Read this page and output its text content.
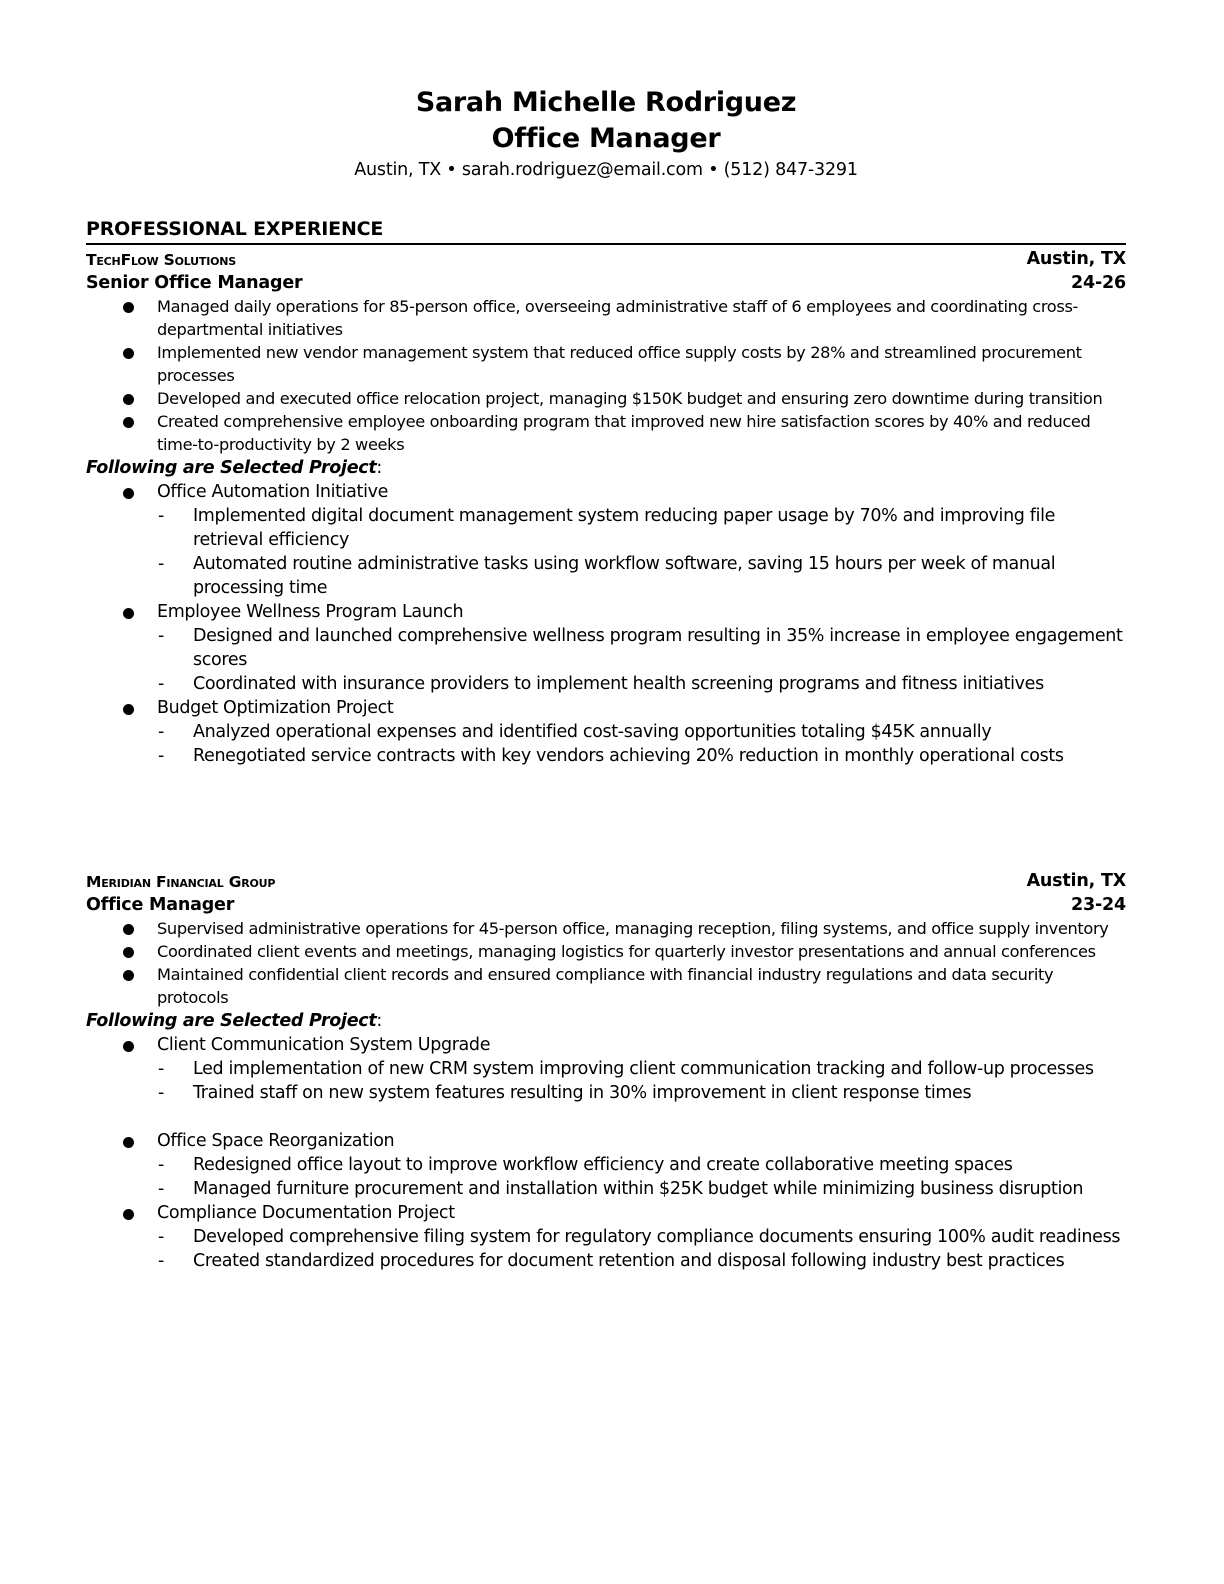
Sarah Michelle Rodriguez
Office Manager
Austin, TX • sarah.rodriguez@email.com • (512) 847-3291
PROFESSIONAL EXPERIENCE
TechFlow Solutions	Austin, TX
Senior Office Manager	24-26
Managed daily operations for 85-person office, overseeing administrative staff of 6 employees and coordinating cross-departmental initiatives
Implemented new vendor management system that reduced office supply costs by 28% and streamlined procurement processes
Developed and executed office relocation project, managing $150K budget and ensuring zero downtime during transition
Created comprehensive employee onboarding program that improved new hire satisfaction scores by 40% and reduced time-to-productivity by 2 weeks
Following are Selected Project:
Office Automation Initiative
- Implemented digital document management system reducing paper usage by 70% and improving file retrieval efficiency
- Automated routine administrative tasks using workflow software, saving 15 hours per week of manual processing time
Employee Wellness Program Launch
- Designed and launched comprehensive wellness program resulting in 35% increase in employee engagement scores
- Coordinated with insurance providers to implement health screening programs and fitness initiatives
Budget Optimization Project
- Analyzed operational expenses and identified cost-saving opportunities totaling $45K annually
- Renegotiated service contracts with key vendors achieving 20% reduction in monthly operational costs
Meridian Financial Group	Austin, TX
Office Manager	23-24
Supervised administrative operations for 45-person office, managing reception, filing systems, and office supply inventory
Coordinated client events and meetings, managing logistics for quarterly investor presentations and annual conferences
Maintained confidential client records and ensured compliance with financial industry regulations and data security protocols
Following are Selected Project:
Client Communication System Upgrade
- Led implementation of new CRM system improving client communication tracking and follow-up processes
- Trained staff on new system features resulting in 30% improvement in client response times
Office Space Reorganization
- Redesigned office layout to improve workflow efficiency and create collaborative meeting spaces
- Managed furniture procurement and installation within $25K budget while minimizing business disruption
Compliance Documentation Project
- Developed comprehensive filing system for regulatory compliance documents ensuring 100% audit readiness
- Created standardized procedures for document retention and disposal following industry best practices
